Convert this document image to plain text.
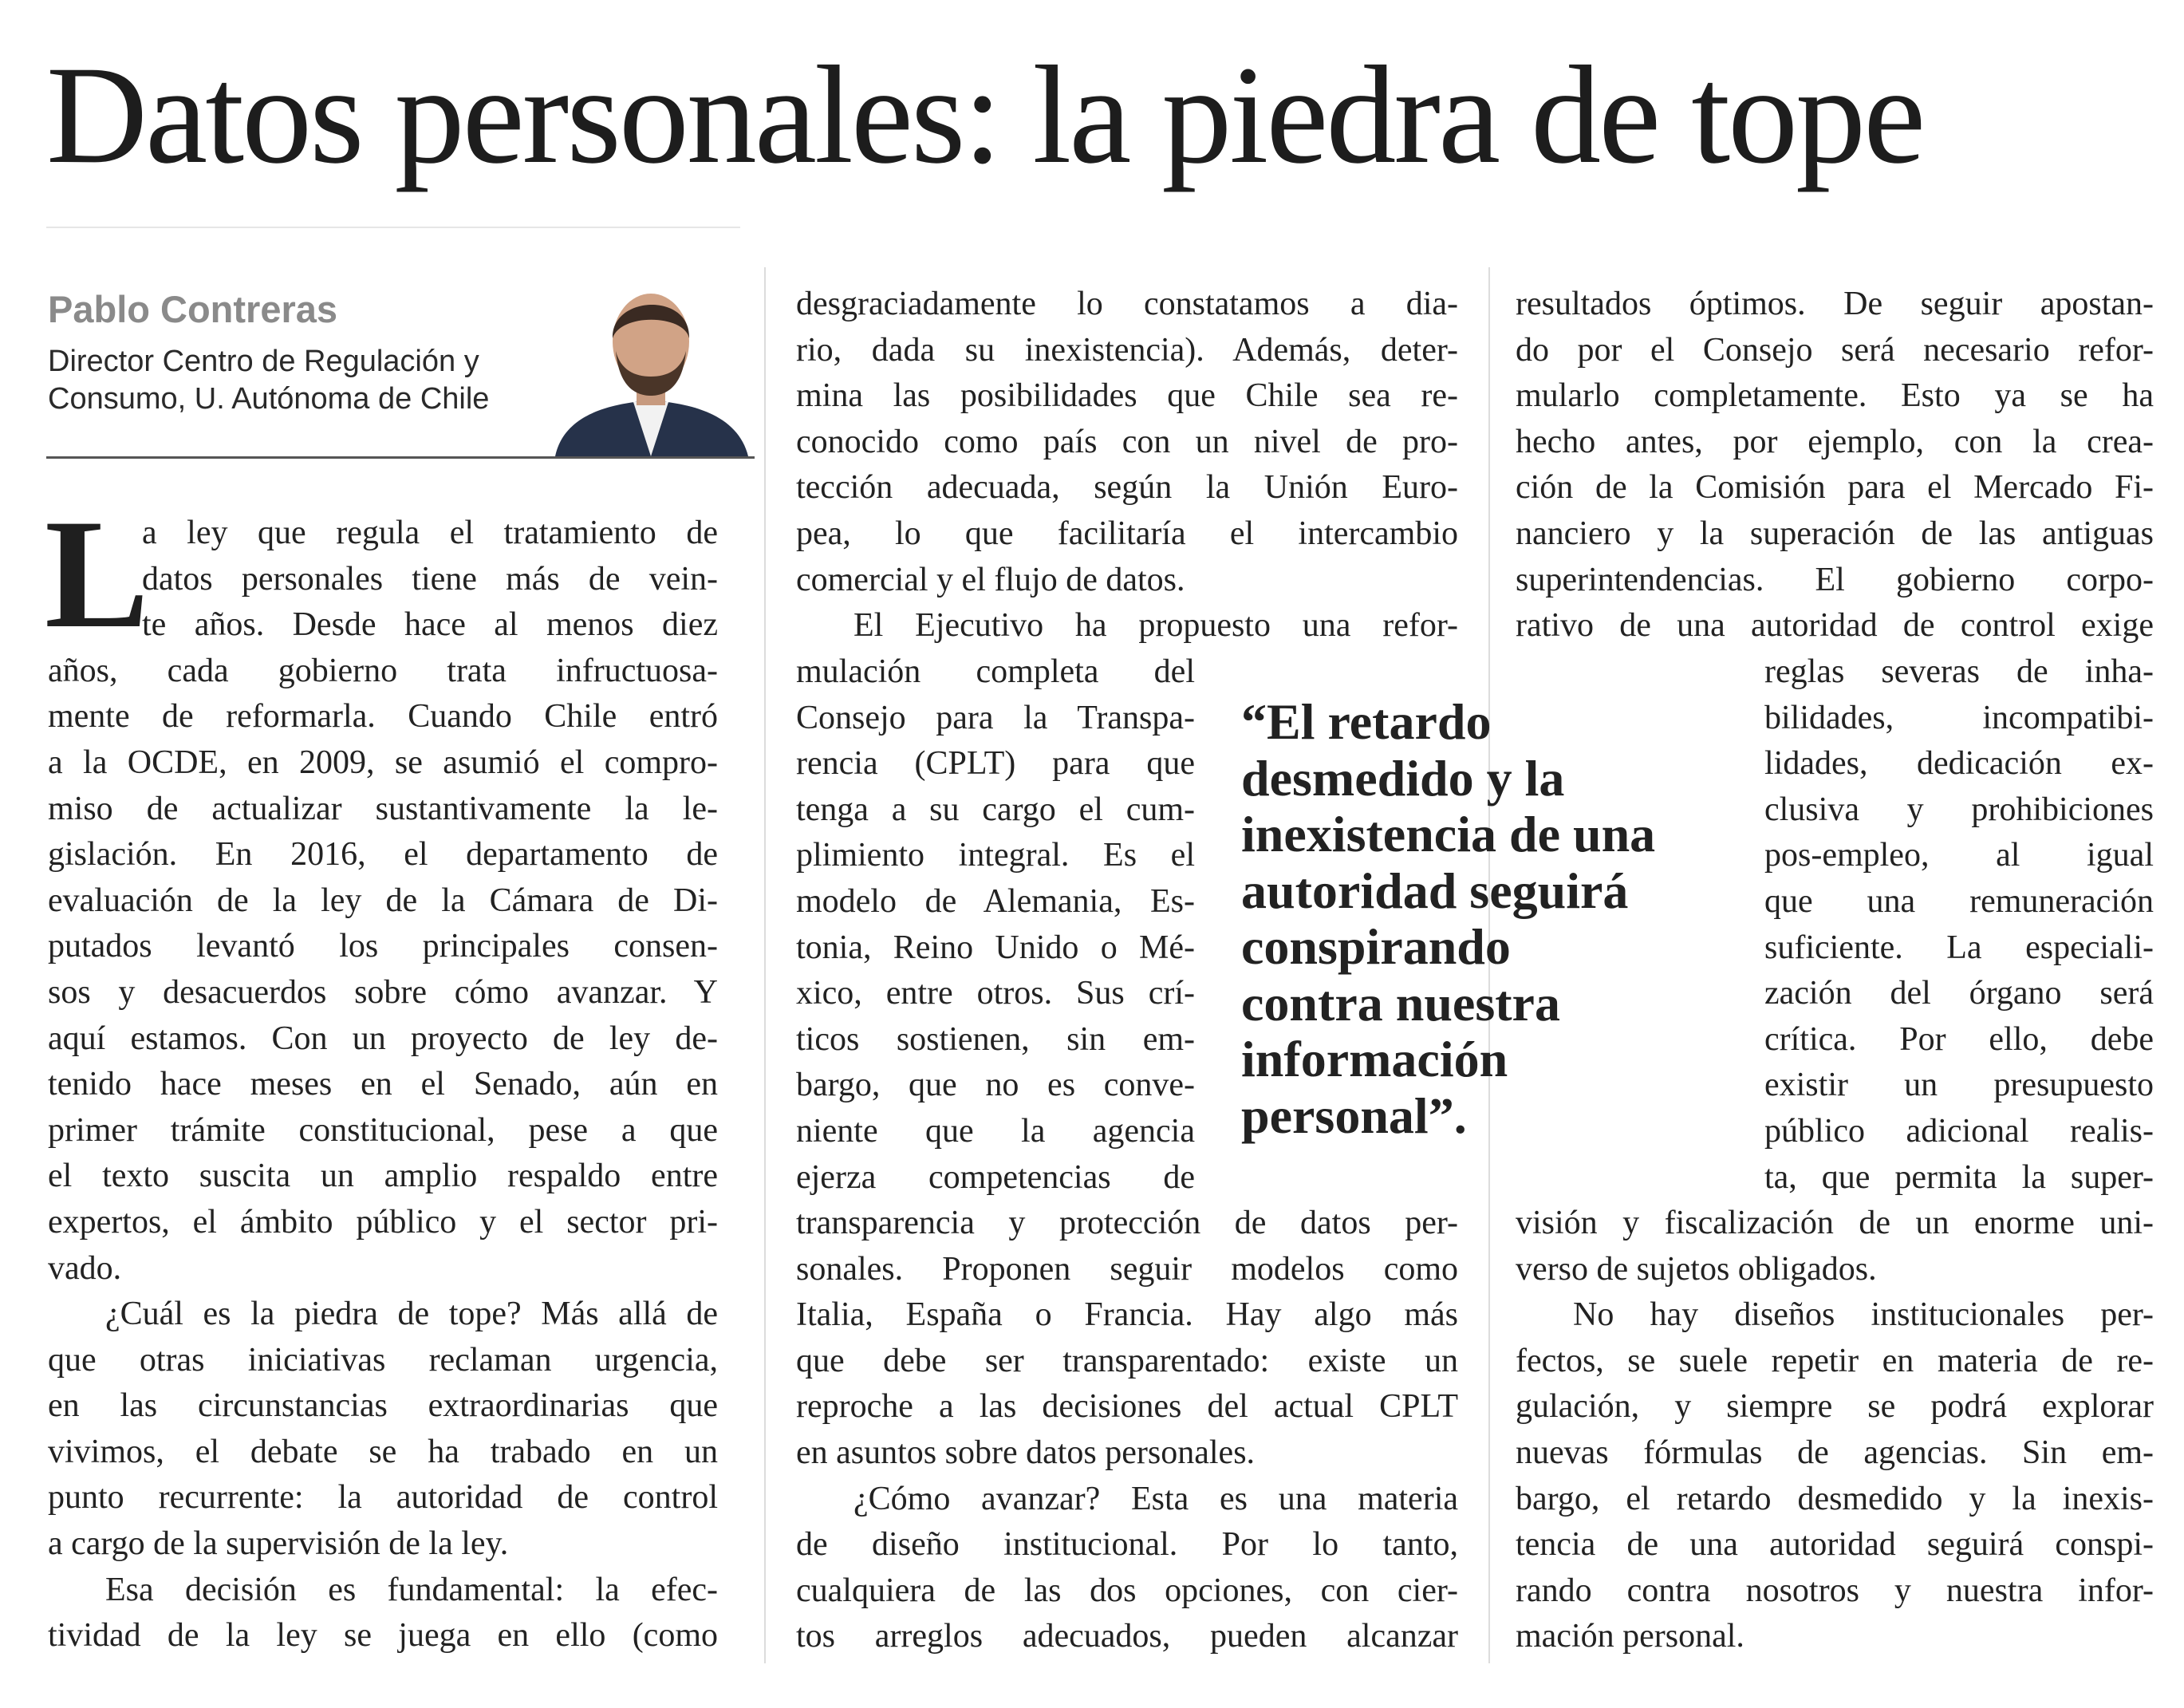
Datos personales: la piedra de tope
Pablo Contreras
Director Centro de Regulación y
Consumo, U. Autónoma de Chile
L
a ley que regula el tratamiento de
datos personales tiene más de vein-
te años. Desde hace al menos diez
años, cada gobierno trata infructuosa-
mente de reformarla. Cuando Chile entró
a la OCDE, en 2009, se asumió el compro-
miso de actualizar sustantivamente la le-
gislación. En 2016, el departamento de
evaluación de la ley de la Cámara de Di-
putados levantó los principales consen-
sos y desacuerdos sobre cómo avanzar. Y
aquí estamos. Con un proyecto de ley de-
tenido hace meses en el Senado, aún en
primer trámite constitucional, pese a que
el texto suscita un amplio respaldo entre
expertos, el ámbito público y el sector pri-
vado.
¿Cuál es la piedra de tope? Más allá de
que otras iniciativas reclaman urgencia,
en las circunstancias extraordinarias que
vivimos, el debate se ha trabado en un
punto recurrente: la autoridad de control
a cargo de la supervisión de la ley.
Esa decisión es fundamental: la efec-
tividad de la ley se juega en ello (como
desgraciadamente lo constatamos a dia-
rio, dada su inexistencia). Además, deter-
mina las posibilidades que Chile sea re-
conocido como país con un nivel de pro-
tección adecuada, según la Unión Euro-
pea, lo que facilitaría el intercambio
comercial y el flujo de datos.
El Ejecutivo ha propuesto una refor-
mulación completa del
Consejo para la Transpa-
rencia (CPLT) para que
tenga a su cargo el cum-
plimiento integral. Es el
modelo de Alemania, Es-
tonia, Reino Unido o Mé-
xico, entre otros. Sus crí-
ticos sostienen, sin em-
bargo, que no es conve-
niente que la agencia
ejerza competencias de
transparencia y protección de datos per-
sonales. Proponen seguir modelos como
Italia, España o Francia. Hay algo más
que debe ser transparentado: existe un
reproche a las decisiones del actual CPLT
en asuntos sobre datos personales.
¿Cómo avanzar? Esta es una materia
de diseño institucional. Por lo tanto,
cualquiera de las dos opciones, con cier-
tos arreglos adecuados, pueden alcanzar
resultados óptimos. De seguir apostan-
do por el Consejo será necesario refor-
mularlo completamente. Esto ya se ha
hecho antes, por ejemplo, con la crea-
ción de la Comisión para el Mercado Fi-
nanciero y la superación de las antiguas
superintendencias. El gobierno corpo-
rativo de una autoridad de control exige
reglas severas de inha-
bilidades, incompatibi-
lidades, dedicación ex-
clusiva y prohibiciones
pos-empleo, al igual
que una remuneración
suficiente. La especiali-
zación del órgano será
crítica. Por ello, debe
existir un presupuesto
público adicional realis-
ta, que permita la super-
visión y fiscalización de un enorme uni-
verso de sujetos obligados.
No hay diseños institucionales per-
fectos, se suele repetir en materia de re-
gulación, y siempre se podrá explorar
nuevas fórmulas de agencias. Sin em-
bargo, el retardo desmedido y la inexis-
tencia de una autoridad seguirá conspi-
rando contra nosotros y nuestra infor-
mación personal.
“El retardo
desmedido y la
inexistencia de una
autoridad seguirá
conspirando
contra nuestra
información
personal”.
